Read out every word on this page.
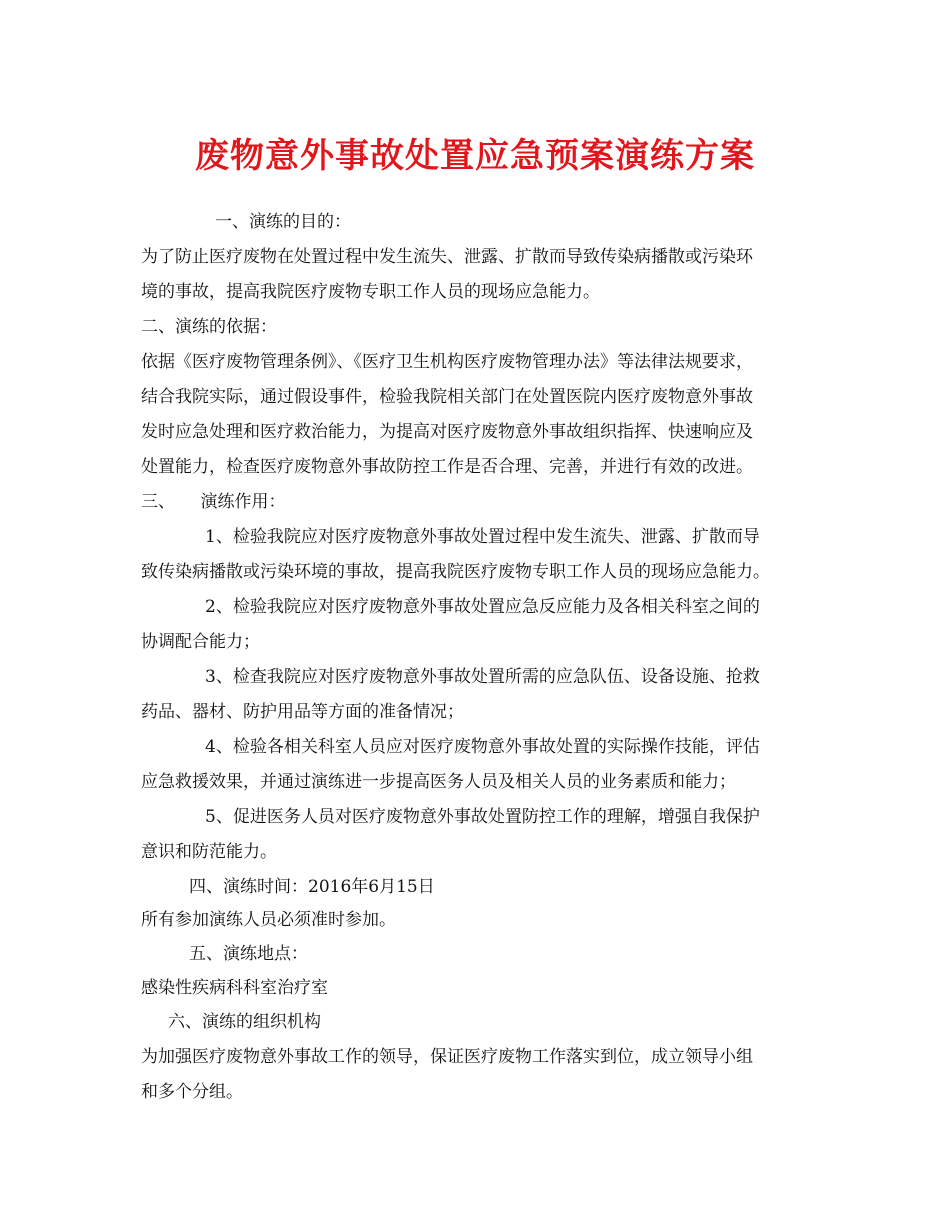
废物意外事故处置应急预案演练方案
一、演练的目的：
为了防止医疗废物在处置过程中发生流失、泄露、扩散而导致传染病播散或污染环
境的事故，提高我院医疗废物专职工作人员的现场应急能力。
二、演练的依据：
依据《医疗废物管理条例》、《医疗卫生机构医疗废物管理办法》等法律法规要求，
结合我院实际，通过假设事件，检验我院相关部门在处置医院内医疗废物意外事故
发时应急处理和医疗救治能力，为提高对医疗废物意外事故组织指挥、快速响应及
处置能力，检查医疗废物意外事故防控工作是否合理、完善，并进行有效的改进。
三、　　演练作用：
1、检验我院应对医疗废物意外事故处置过程中发生流失、泄露、扩散而导
致传染病播散或污染环境的事故，提高我院医疗废物专职工作人员的现场应急能力。
2、检验我院应对医疗废物意外事故处置应急反应能力及各相关科室之间的
协调配合能力；
3、检查我院应对医疗废物意外事故处置所需的应急队伍、设备设施、抢救
药品、器材、防护用品等方面的准备情况；
4、检验各相关科室人员应对医疗废物意外事故处置的实际操作技能，评估
应急救援效果，并通过演练进一步提高医务人员及相关人员的业务素质和能力；
5、促进医务人员对医疗废物意外事故处置防控工作的理解，增强自我保护
意识和防范能力。
四、演练时间：2016年6月15日
所有参加演练人员必须准时参加。
五、演练地点：
感染性疾病科科室治疗室
六、演练的组织机构
为加强医疗废物意外事故工作的领导，保证医疗废物工作落实到位，成立领导小组
和多个分组。
